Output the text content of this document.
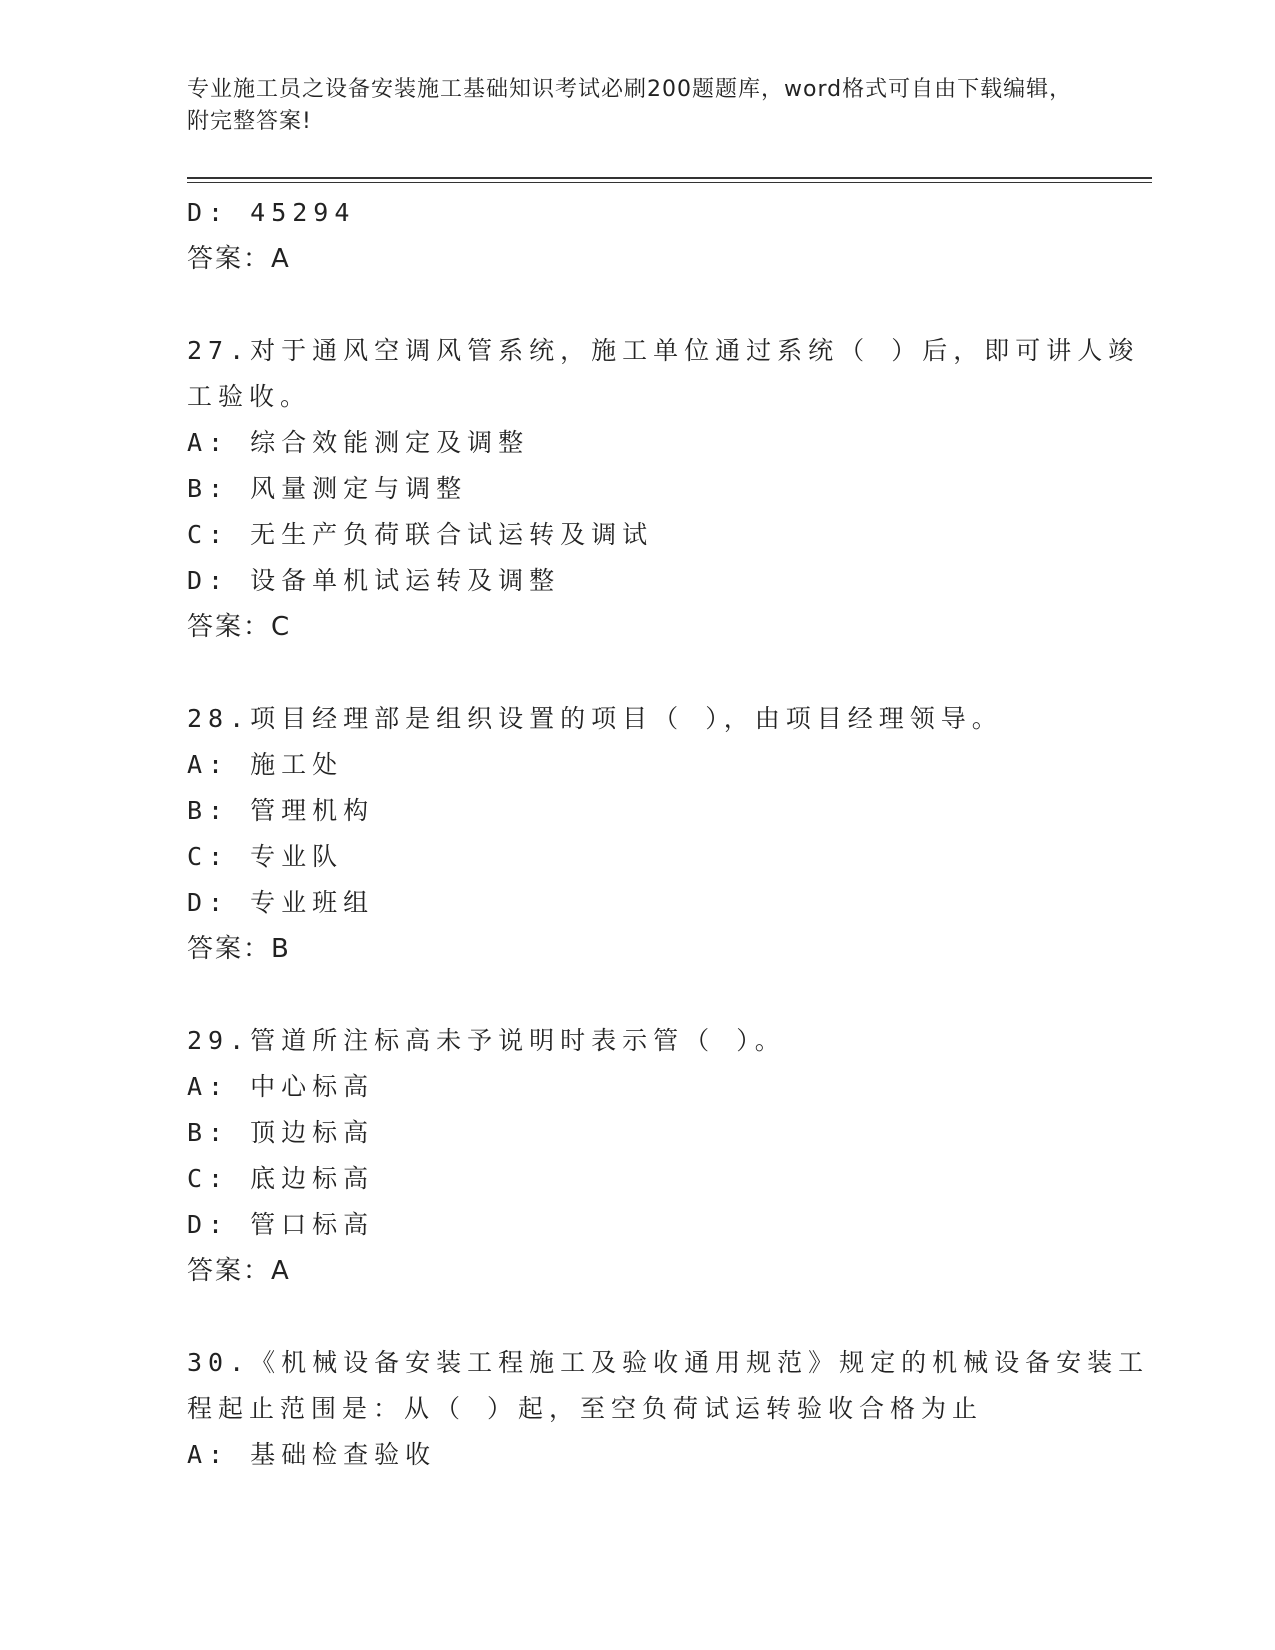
专业施工员之设备安装施工基础知识考试必刷200题题库，word格式可自由下载编辑，附完整答案!
D: 45294
答案：A
27.对于通风空调风管系统，施工单位通过系统（ ）后，即可讲人竣
工验收。
A: 综合效能测定及调整
B: 风量测定与调整
C: 无生产负荷联合试运转及调试
D: 设备单机试运转及调整
答案：C
28.项目经理部是组织设置的项目（ ），由项目经理领导。
A: 施工处
B: 管理机构
C: 专业队
D: 专业班组
答案：B
29.管道所注标高未予说明时表示管（ ）。
A: 中心标高
B: 顶边标高
C: 底边标高
D: 管口标高
答案：A
30.《机械设备安装工程施工及验收通用规范》规定的机械设备安装工
程起止范围是：从（ ）起，至空负荷试运转验收合格为止
A: 基础检查验收
